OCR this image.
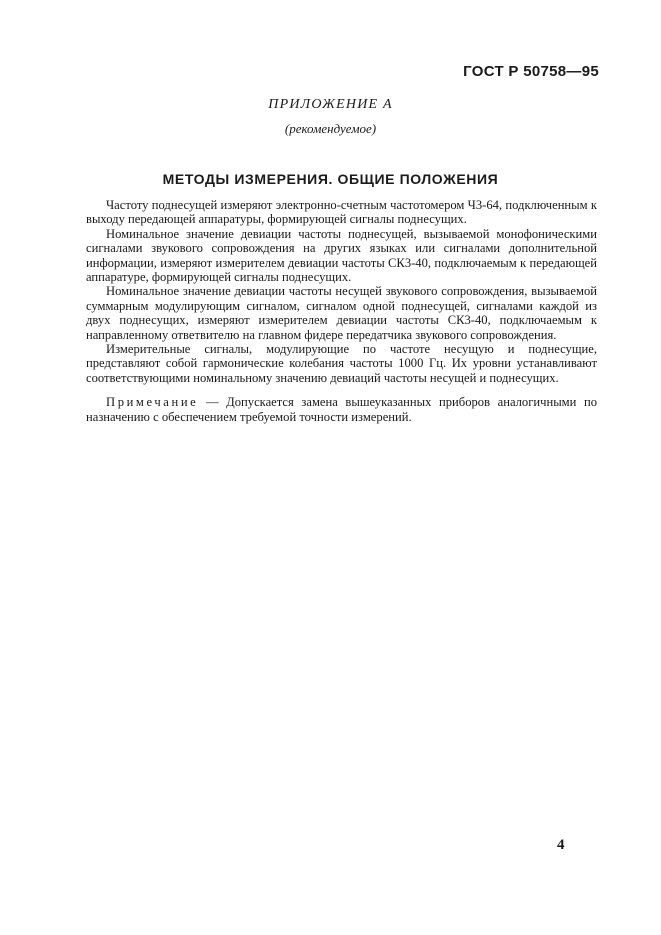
ГОСТ Р 50758—95
ПРИЛОЖЕНИЕ А
(рекомендуемое)
МЕТОДЫ ИЗМЕРЕНИЯ. ОБЩИЕ ПОЛОЖЕНИЯ

Частоту поднесущей измеряют электронно-счетным частотомером Ч3-64, подключенным к выходу передающей аппаратуры, формирующей сигналы поднесущих.

Номинальное значение девиации частоты поднесущей, вызываемой монофоническими сигналами звукового сопровождения на других языках или сигналами дополнительной информации, измеряют измерителем девиации частоты СК3-40, подключаемым к передающей аппаратуре, формирующей сигналы поднесущих.

Номинальное значение девиации частоты несущей звукового сопровождения, вызываемой суммарным модулирующим сигналом, сигналом одной поднесущей, сигналами каждой из двух поднесущих, измеряют измерителем девиации частоты СК3-40, подключаемым к направленному ответвителю на главном фидере передатчика звукового сопровождения.

Измерительные сигналы, модулирующие по частоте несущую и поднесущие, представляют собой гармонические колебания частоты 1000 Гц. Их уровни устанавливают соответствующими номинальному значению девиаций частоты несущей и поднесущих.

Примечание — Допускается замена вышеуказанных приборов аналогичными по назначению с обеспечением требуемой точности измерений.

4
